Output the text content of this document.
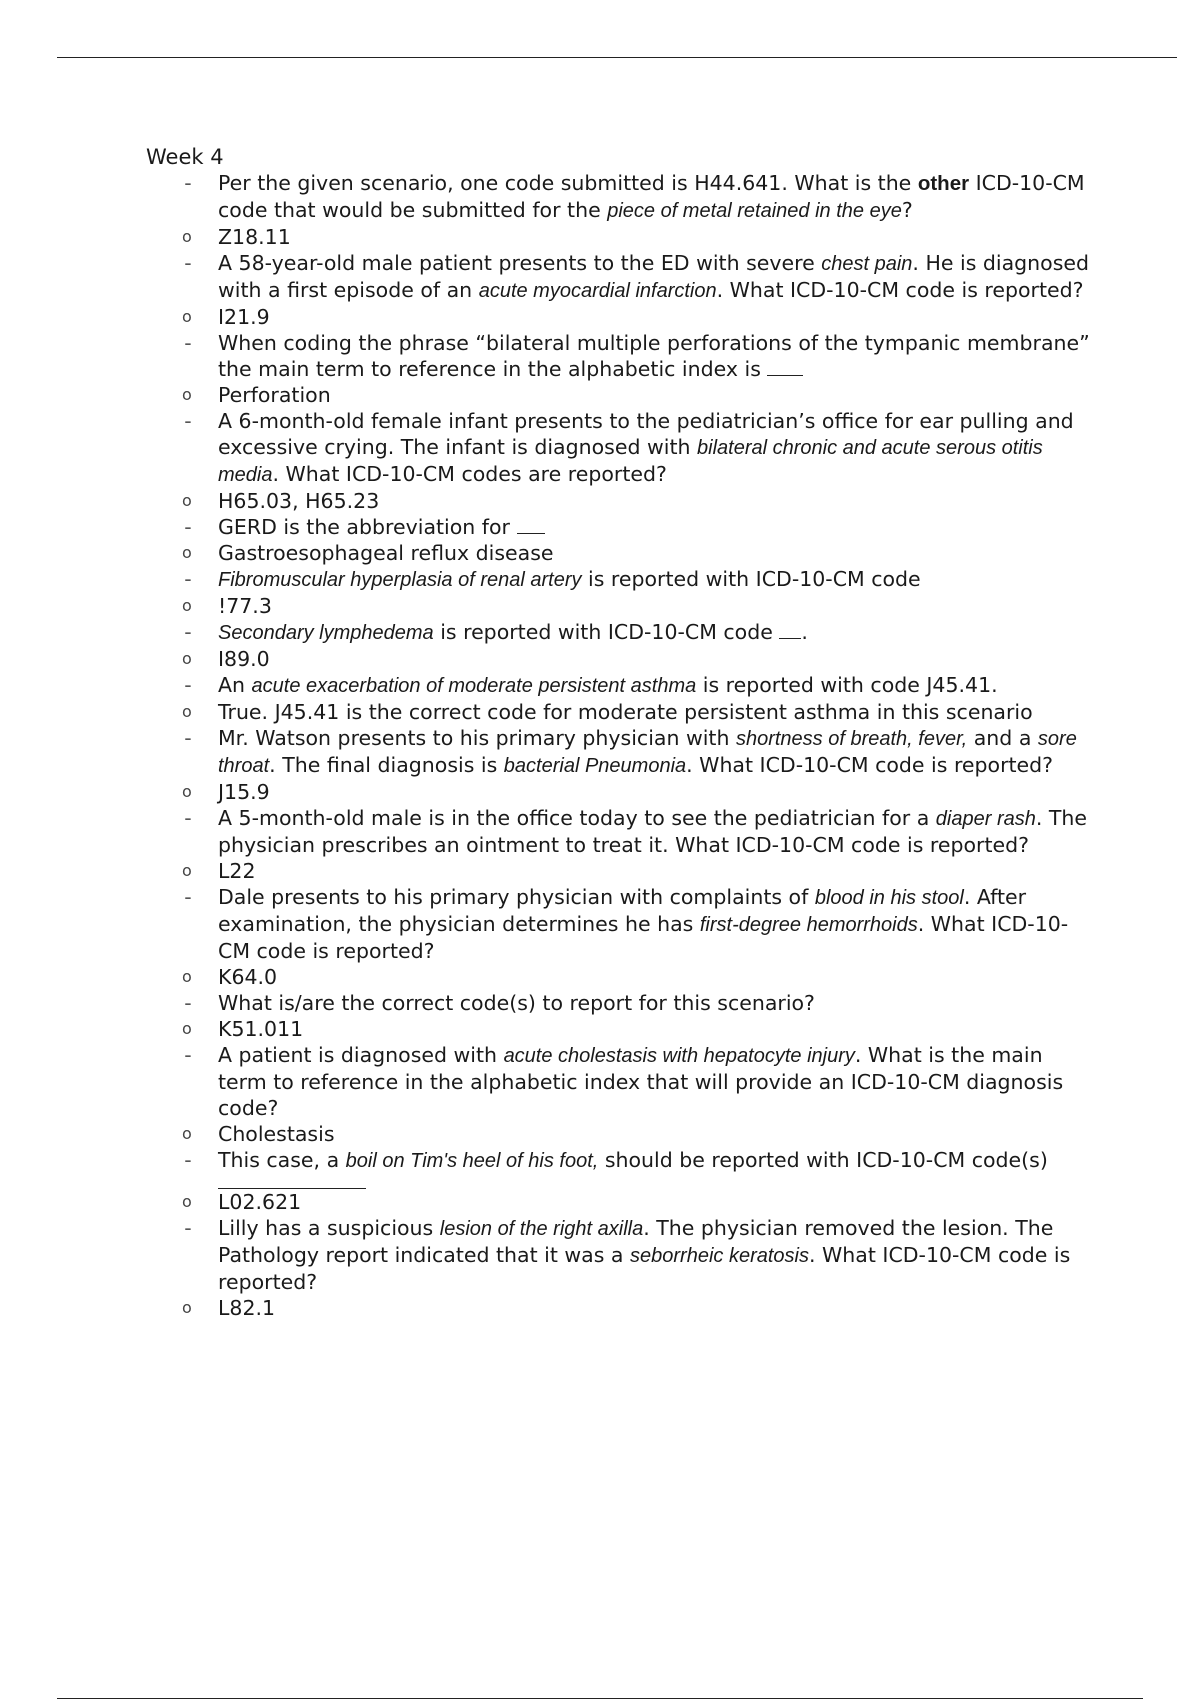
Week 4

- Per the given scenario, one code submitted is H44.641. What is the other ICD-10-CM code that would be submitted for the piece of metal retained in the eye?
o Z18.11
- A 58-year-old male patient presents to the ED with severe chest pain. He is diagnosed with a first episode of an acute myocardial infarction. What ICD-10-CM code is reported?
o I21.9
- When coding the phrase “bilateral multiple perforations of the tympanic membrane” the main term to reference in the alphabetic index is
o Perforation
- A 6-month-old female infant presents to the pediatrician’s office for ear pulling and excessive crying. The infant is diagnosed with bilateral chronic and acute serous otitis media. What ICD-10-CM codes are reported?
o H65.03, H65.23
- GERD is the abbreviation for
o Gastroesophageal reflux disease
- Fibromuscular hyperplasia of renal artery is reported with ICD-10-CM code
o !77.3
- Secondary lymphedema is reported with ICD-10-CM code .
o I89.0
- An acute exacerbation of moderate persistent asthma is reported with code J45.41.
o True. J45.41 is the correct code for moderate persistent asthma in this scenario
- Mr. Watson presents to his primary physician with shortness of breath, fever, and a sore throat. The final diagnosis is bacterial Pneumonia. What ICD-10-CM code is reported?
o J15.9
- A 5-month-old male is in the office today to see the pediatrician for a diaper rash. The physician prescribes an ointment to treat it. What ICD-10-CM code is reported?
o L22
- Dale presents to his primary physician with complaints of blood in his stool. After examination, the physician determines he has first-degree hemorrhoids. What ICD-10- CM code is reported?
o K64.0
- What is/are the correct code(s) to report for this scenario?
o K51.011
- A patient is diagnosed with acute cholestasis with hepatocyte injury. What is the main term to reference in the alphabetic index that will provide an ICD-10-CM diagnosis code?
o Cholestasis
- This case, a boil on Tim's heel of his foot, should be reported with ICD-10-CM code(s)
o L02.621
- Lilly has a suspicious lesion of the right axilla. The physician removed the lesion. The Pathology report indicated that it was a seborrheic keratosis. What ICD-10-CM code is reported?
o L82.1
